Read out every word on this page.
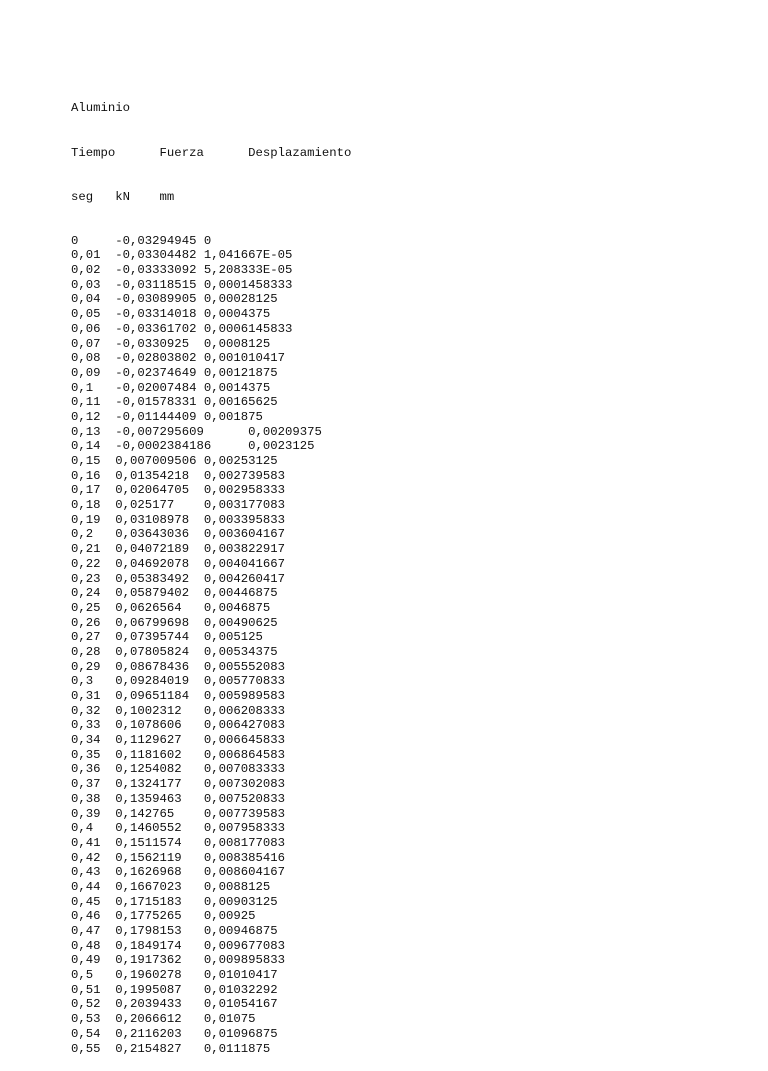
Aluminio

Tiempo      Fuerza      Desplazamiento

seg   kN    mm

0     -0,03294945 0
0,01  -0,03304482 1,041667E-05
0,02  -0,03333092 5,208333E-05
0,03  -0,03118515 0,0001458333
0,04  -0,03089905 0,00028125
0,05  -0,03314018 0,0004375
0,06  -0,03361702 0,0006145833
0,07  -0,0330925  0,0008125
0,08  -0,02803802 0,001010417
0,09  -0,02374649 0,00121875
0,1   -0,02007484 0,0014375
0,11  -0,01578331 0,00165625
0,12  -0,01144409 0,001875
0,13  -0,007295609      0,00209375
0,14  -0,0002384186     0,0023125
0,15  0,007009506 0,00253125
0,16  0,01354218  0,002739583
0,17  0,02064705  0,002958333
0,18  0,025177    0,003177083
0,19  0,03108978  0,003395833
0,2   0,03643036  0,003604167
0,21  0,04072189  0,003822917
0,22  0,04692078  0,004041667
0,23  0,05383492  0,004260417
0,24  0,05879402  0,00446875
0,25  0,0626564   0,0046875
0,26  0,06799698  0,00490625
0,27  0,07395744  0,005125
0,28  0,07805824  0,00534375
0,29  0,08678436  0,005552083
0,3   0,09284019  0,005770833
0,31  0,09651184  0,005989583
0,32  0,1002312   0,006208333
0,33  0,1078606   0,006427083
0,34  0,1129627   0,006645833
0,35  0,1181602   0,006864583
0,36  0,1254082   0,007083333
0,37  0,1324177   0,007302083
0,38  0,1359463   0,007520833
0,39  0,142765    0,007739583
0,4   0,1460552   0,007958333
0,41  0,1511574   0,008177083
0,42  0,1562119   0,008385416
0,43  0,1626968   0,008604167
0,44  0,1667023   0,0088125
0,45  0,1715183   0,00903125
0,46  0,1775265   0,00925
0,47  0,1798153   0,00946875
0,48  0,1849174   0,009677083
0,49  0,1917362   0,009895833
0,5   0,1960278   0,01010417
0,51  0,1995087   0,01032292
0,52  0,2039433   0,01054167
0,53  0,2066612   0,01075
0,54  0,2116203   0,01096875
0,55  0,2154827   0,0111875
